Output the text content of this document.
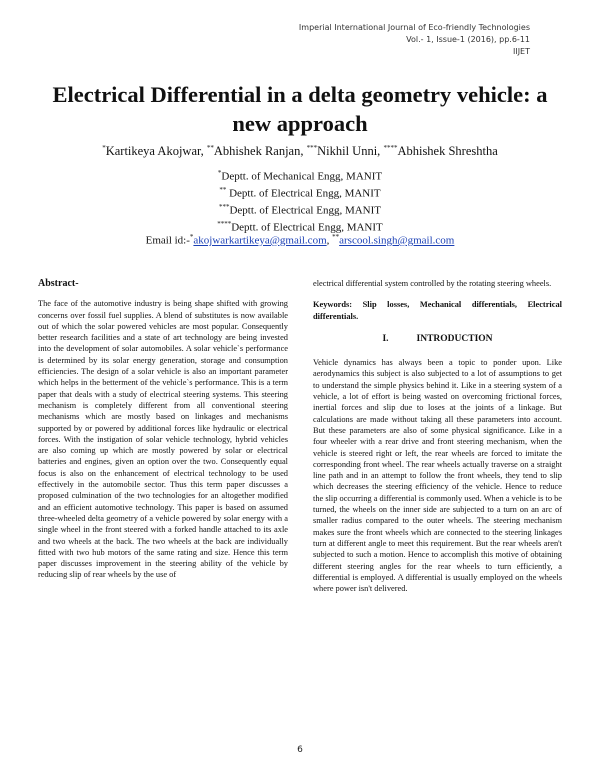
Imperial International Journal of Eco-friendly Technologies
Vol.- 1, Issue-1 (2016), pp.6-11
IIJET
Electrical Differential in a delta geometry vehicle: a new approach
*Kartikeya Akojwar, **Abhishek Ranjan, ***Nikhil Unni, ****Abhishek Shreshtha
*Deptt. of Mechanical Engg, MANIT
** Deptt. of Electrical Engg, MANIT
***Deptt. of Electrical Engg, MANIT
****Deptt. of Electrical Engg, MANIT
Email id:-*akojwarkartikeya@gmail.com, **arscool.singh@gmail.com
Abstract-

The face of the automotive industry is being shape shifted with growing concerns over fossil fuel supplies. A blend of substitutes is now available out of which the solar powered vehicles are most popular. Consequently better research facilities and a state of art technology are being invested into the development of solar automobiles. A solar vehicle`s performance is determined by its solar energy generation, storage and consumption efficiencies. The design of a solar vehicle is also an important parameter which helps in the betterment of the vehicle`s performance. This is a term paper that deals with a study of electrical steering systems. This steering mechanism is completely different from all conventional steering mechanisms which are mostly based on linkages and mechanisms supported by or powered by additional forces like hydraulic or electrical forces. With the instigation of solar vehicle technology, hybrid vehicles are also coming up which are mostly powered by solar or electrical batteries and engines, given an option over the two. Consequently equal focus is also on the enhancement of electrical technology to be used effectively in the automobile sector. Thus this term paper discusses a proposed culmination of the two technologies for an altogether modified and an efficient automotive technology. This paper is based on assumed three-wheeled delta geometry of a vehicle powered by solar energy with a single wheel in the front steered with a forked handle attached to its axle and two wheels at the back. The two wheels at the back are individually fitted with two hub motors of the same rating and size. Hence this term paper discusses improvement in the steering ability of the vehicle by reducing slip of rear wheels by the use of

electrical differential system controlled by the rotating steering wheels.

Keywords: Slip losses, Mechanical differentials, Electrical differentials.

I.	INTRODUCTION

Vehicle dynamics has always been a topic to ponder upon. Like aerodynamics this subject is also subjected to a lot of assumptions to get to understand the simple physics behind it. Like in a steering system of a vehicle, a lot of effort is being wasted on overcoming frictional forces, inertial forces and slip due to loses at the joints of a linkage. But calculations are made without taking all these parameters into account. But these parameters are also of some physical significance. Like in a four wheeler with a rear drive and front steering mechanism, when the vehicle is steered right or left, the rear wheels are forced to imitate the corresponding front wheel. The rear wheels actually traverse on a straight line path and in an attempt to follow the front wheels, they tend to slip which decreases the steering efficiency of the vehicle. Hence to reduce the slip occurring a differential is commonly used. When a vehicle is to be turned, the wheels on the inner side are subjected to a turn on an arc of smaller radius compared to the outer wheels. The steering mechanism makes sure the front wheels which are connected to the steering linkages turn at different angle to meet this requirement. But the rear wheels aren't subjected to such a motion. Hence to accomplish this motive of obtaining different steering angles for the rear wheels to turn efficiently, a differential is employed. A differential is usually employed on the wheels where power isn't delivered.

6
